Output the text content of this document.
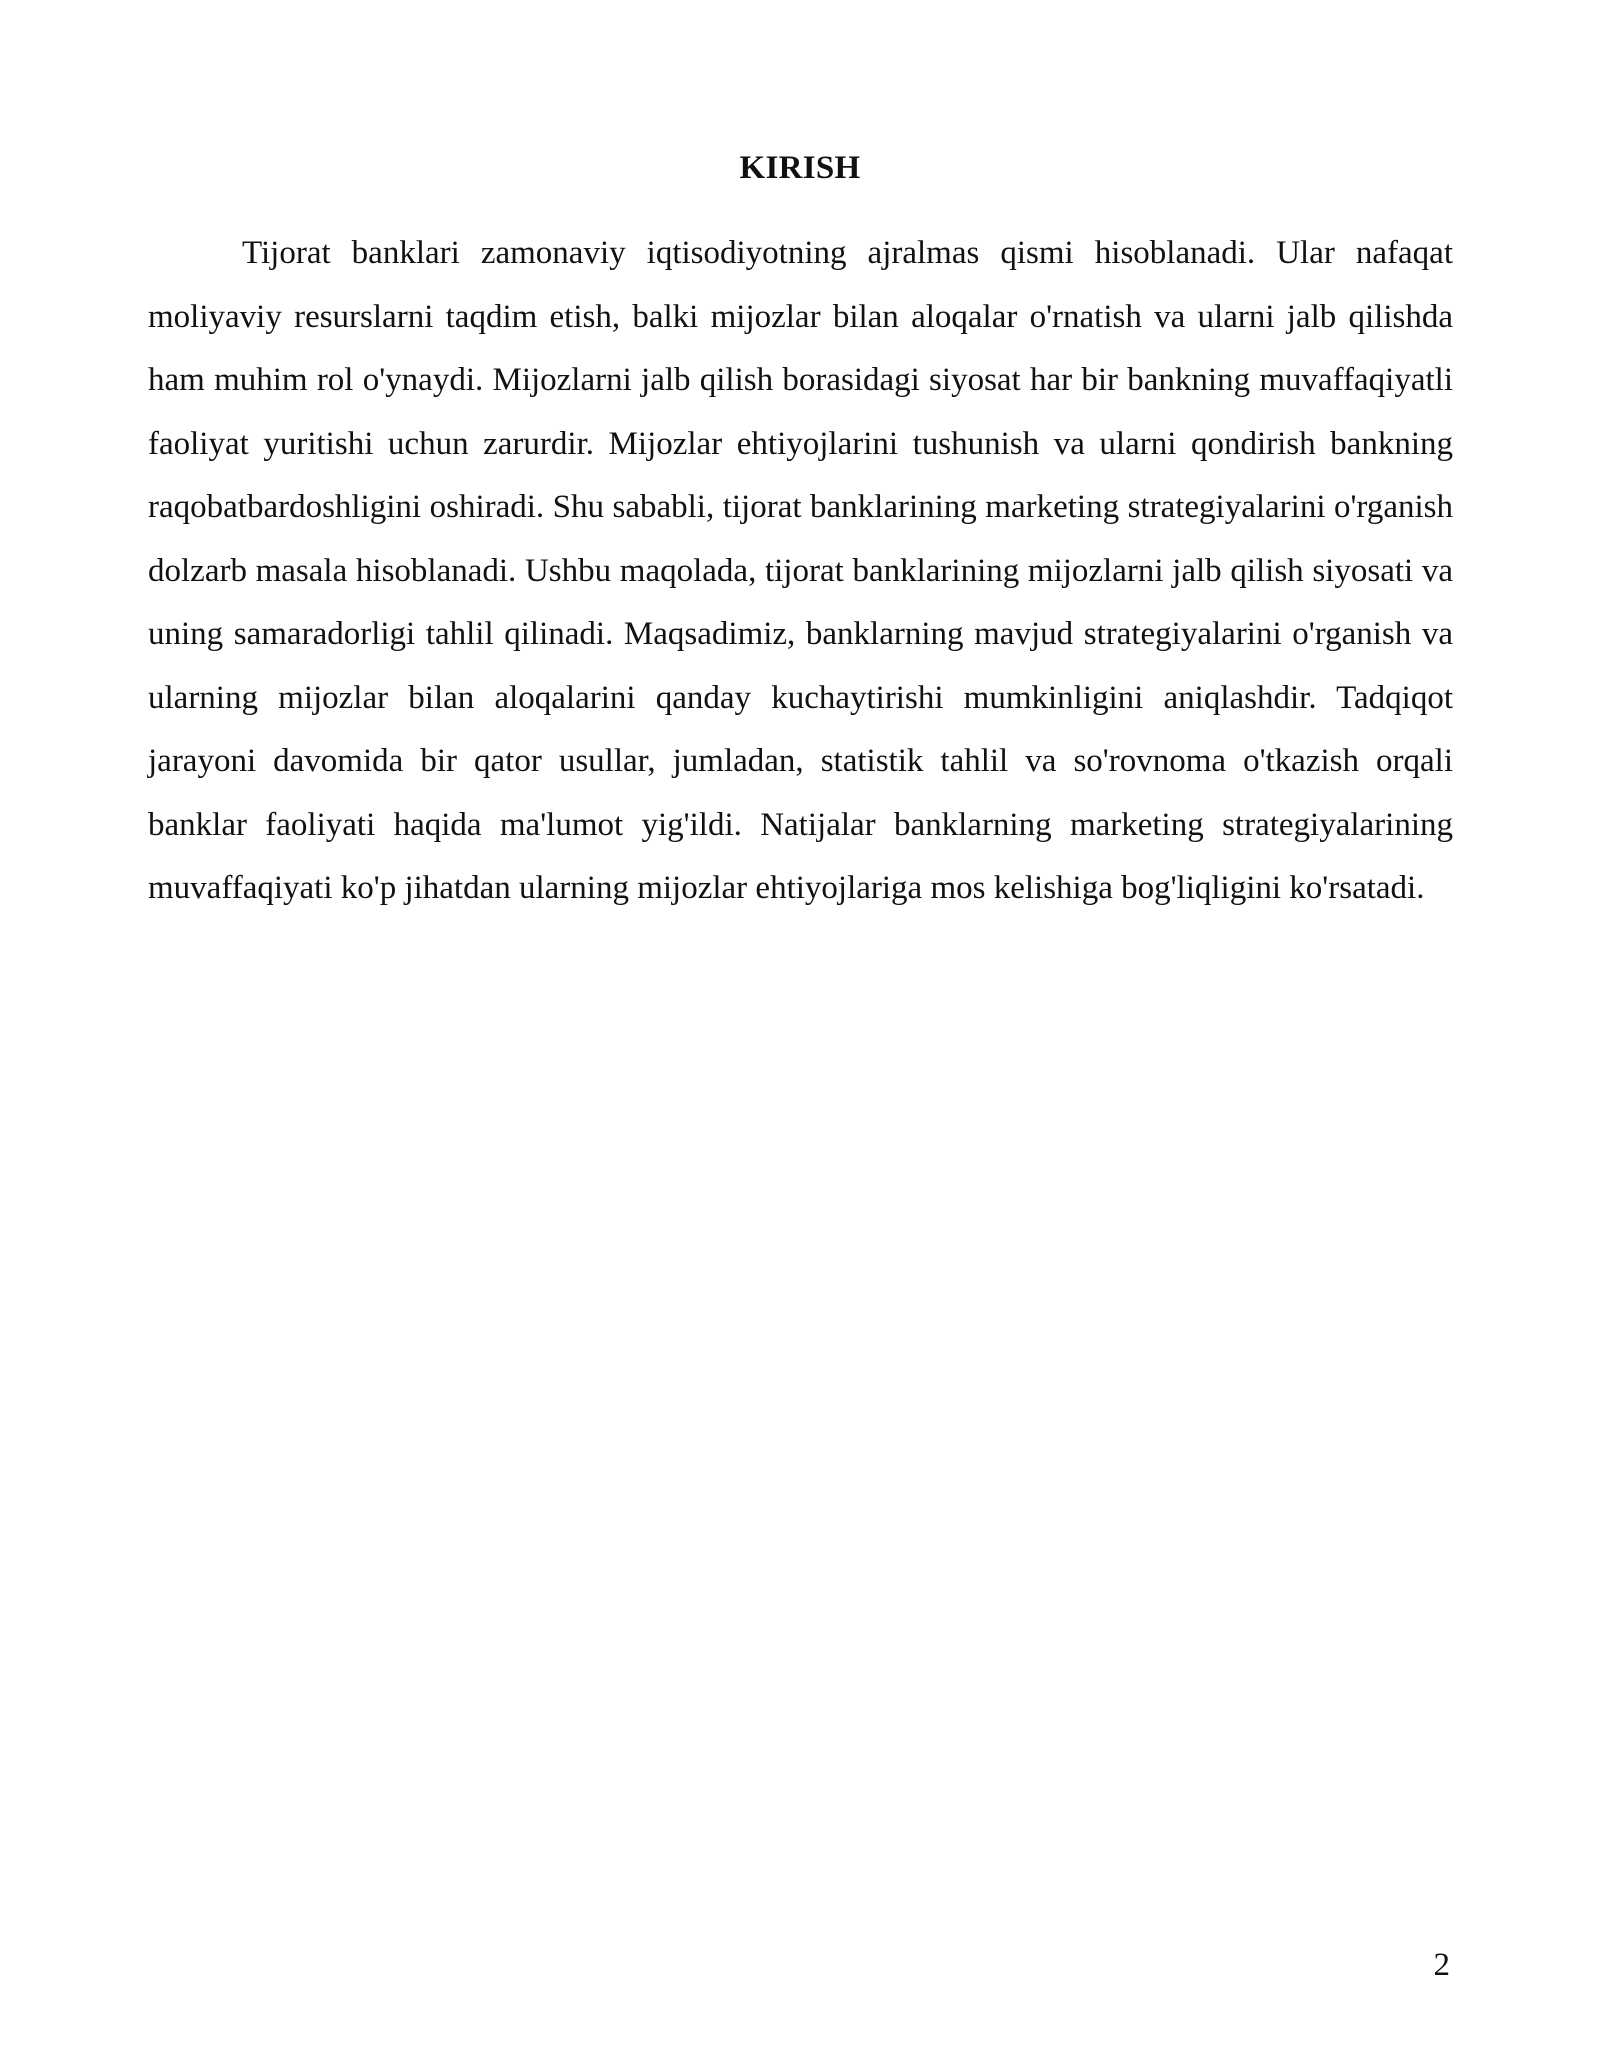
KIRISH

Tijorat banklari zamonaviy iqtisodiyotning ajralmas qismi hisoblanadi. Ular nafaqat moliyaviy resurslarni taqdim etish, balki mijozlar bilan aloqalar o'rnatish va ularni jalb qilishda ham muhim rol o'ynaydi. Mijozlarni jalb qilish borasidagi siyosat har bir bankning muvaffaqiyatli faoliyat yuritishi uchun zarurdir. Mijozlar ehtiyojlarini tushunish va ularni qondirish bankning raqobatbardoshligini oshiradi. Shu sababli, tijorat banklarining marketing strategiyalarini o'rganish dolzarb masala hisoblanadi. Ushbu maqolada, tijorat banklarining mijozlarni jalb qilish siyosati va uning samaradorligi tahlil qilinadi. Maqsadimiz, banklarning mavjud strategiyalarini o'rganish va ularning mijozlar bilan aloqalarini qanday kuchaytirishi mumkinligini aniqlashdir. Tadqiqot jarayoni davomida bir qator usullar, jumladan, statistik tahlil va so'rovnoma o'tkazish orqali banklar faoliyati haqida ma'lumot yig'ildi. Natijalar banklarning marketing strategiyalarining muvaffaqiyati ko'p jihatdan ularning mijozlar ehtiyojlariga mos kelishiga bog'liqligini ko'rsatadi.

2
